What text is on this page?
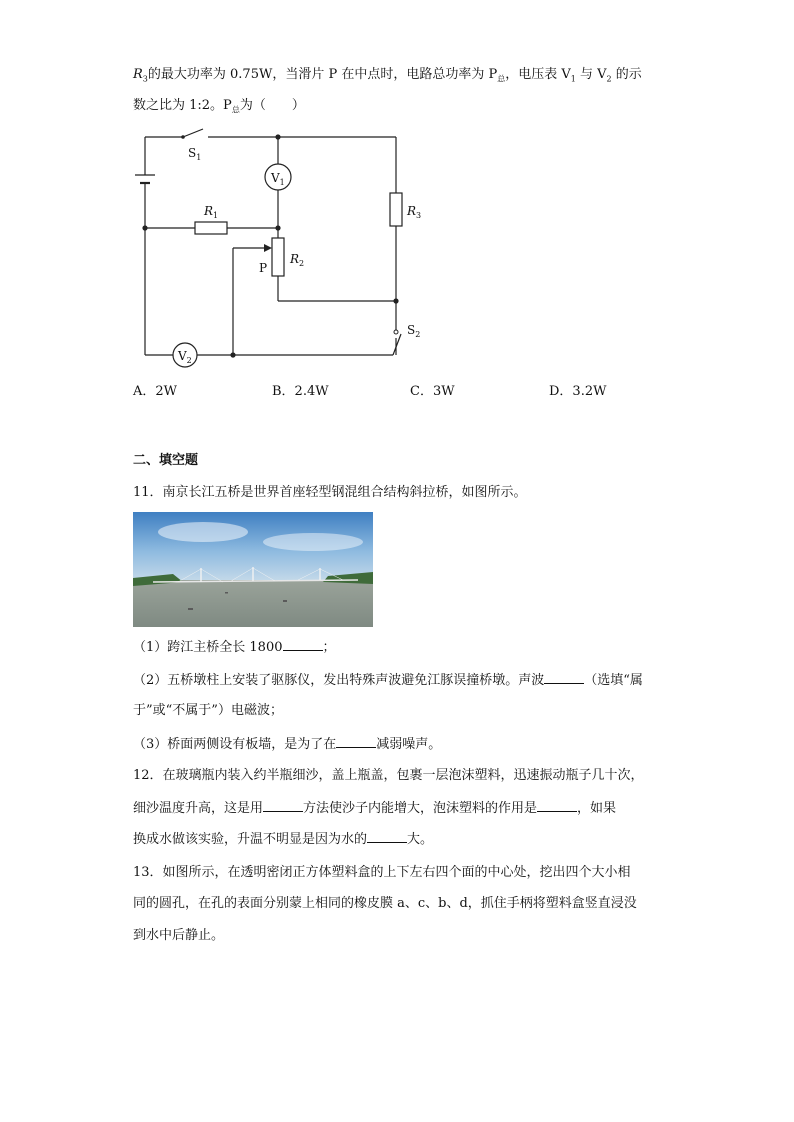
$R_3$的最大功率为 0.75W，当滑片 P 在中点时，电路总功率为 $P_总$，电压表 $V_1$ 与 $V_2$ 的示
数之比为 1:2。$P_总$为（　　）
$S_1$
$V_1$
$V_2$
$R_1$
$R_2$
$R_3$
P
$S_2$
A．2W	B．2.4W	C．3W	D．3.2W
二、填空题
11．南京长江五桥是世界首座轻型钢混组合结构斜拉桥，如图所示。
（1）跨江主桥全长 1800	；
（2）五桥墩柱上安装了驱豚仪，发出特殊声波避免江豚误撞桥墩。声波	（选填“属
于”或“不属于”）电磁波；
（3）桥面两侧设有板墙，是为了在	减弱噪声。
12．在玻璃瓶内装入约半瓶细沙，盖上瓶盖，包裹一层泡沫塑料，迅速振动瓶子几十次，
细沙温度升高，这是用	方法使沙子内能增大，泡沫塑料的作用是	，如果
换成水做该实验，升温不明显是因为水的	大。
13．如图所示，在透明密闭正方体塑料盒的上下左右四个面的中心处，挖出四个大小相
同的圆孔，在孔的表面分别蒙上相同的橡皮膜 a、c、b、d，抓住手柄将塑料盒竖直浸没
到水中后静止。
